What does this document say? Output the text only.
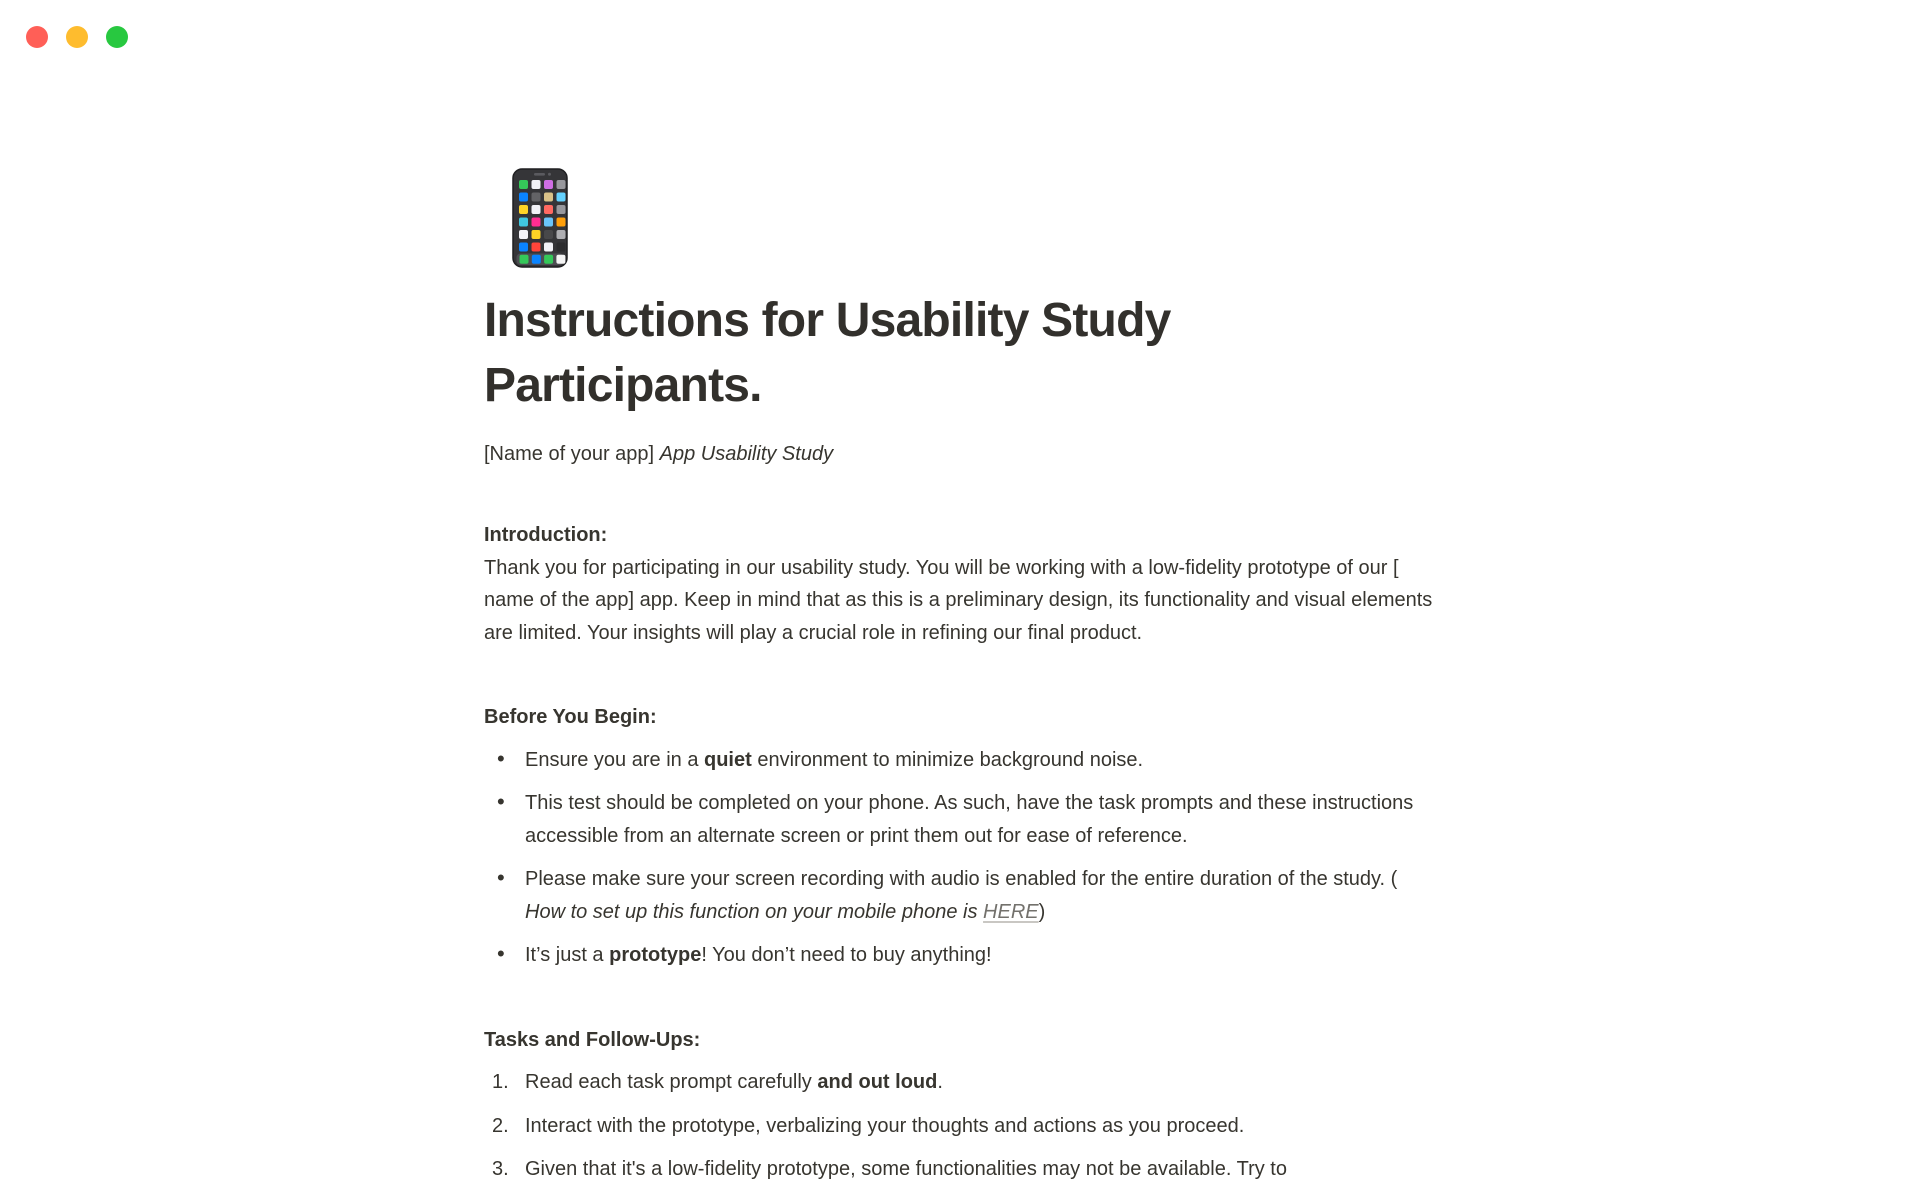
Instructions for Usability Study Participants.
[Name of your app] App Usability Study
Introduction:
Thank you for participating in our usability study. You will be working with a low-fidelity prototype of our [ name of the app] app. Keep in mind that as this is a preliminary design, its functionality and visual elements are limited. Your insights will play a crucial role in refining our final product.
Before You Begin:
• Ensure you are in a quiet environment to minimize background noise.
• This test should be completed on your phone. As such, have the task prompts and these instructions accessible from an alternate screen or print them out for ease of reference.
• Please make sure your screen recording with audio is enabled for the entire duration of the study. ( How to set up this function on your mobile phone is HERE)
• It’s just a prototype! You don’t need to buy anything!
Tasks and Follow-Ups:
1. Read each task prompt carefully and out loud.
2. Interact with the prototype, verbalizing your thoughts and actions as you proceed.
3. Given that it's a low-fidelity prototype, some functionalities may not be available. Try to
